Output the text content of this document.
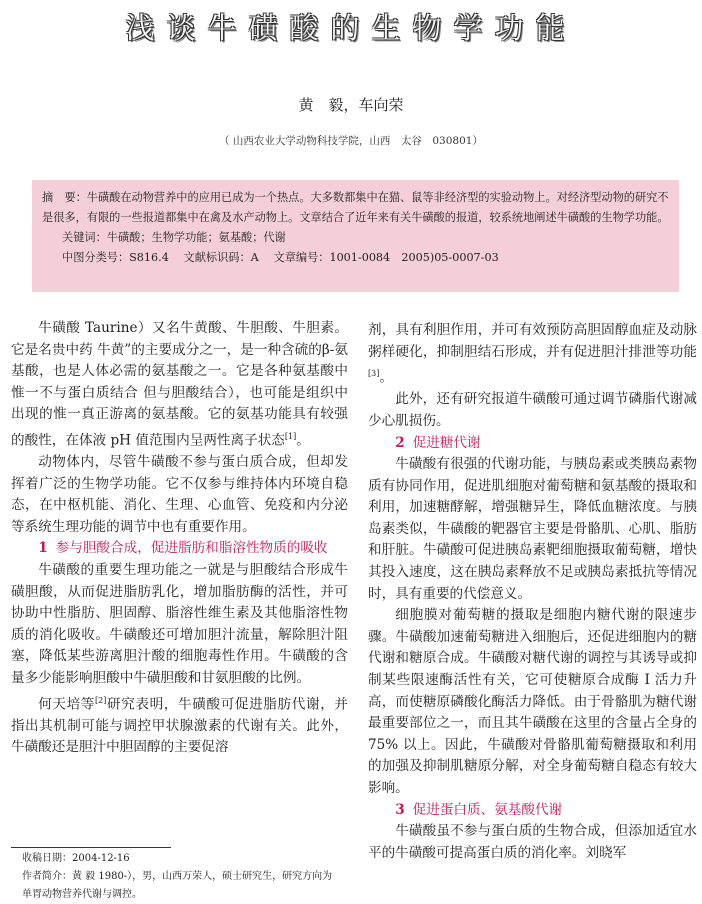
浅谈牛磺酸的生物学功能
黄　毅，车向荣
（ 山西农业大学动物科技学院，山西　太谷　030801）

摘　要：牛磺酸在动物营养中的应用已成为一个热点。大多数都集中在猫、鼠等非经济型的实验动物上。对经济型动物的研究不是很多，有限的一些报道都集中在禽及水产动物上。文章结合了近年来有关牛磺酸的报道，较系统地阐述牛磺酸的生物学功能。

关键词：牛磺酸；生物学功能；氨基酸；代谢

中图分类号：S816.4　 文献标识码：A　 文章编号：1001-0084　2005)05-0007-03

牛磺酸 Taurine）又名牛黄酸、牛胆酸、牛胆素。它是名贵中药 牛黄”的主要成分之一，是一种含硫的β-氨基酸，也是人体必需的氨基酸之一。它是各种氨基酸中惟一不与蛋白质结合 但与胆酸结合），也可能是组织中出现的惟一真正游离的氨基酸。它的氨基功能具有较强的酸性，在体液 pH 值范围内呈两性离子状态[1]。

动物体内，尽管牛磺酸不参与蛋白质合成，但却发挥着广泛的生物学功能。它不仅参与维持体内环境自稳态，在中枢机能、消化、生理、心血管、免疫和内分泌等系统生理功能的调节中也有重要作用。

1 参与胆酸合成，促进脂肪和脂溶性物质的吸收

牛磺酸的重要生理功能之一就是与胆酸结合形成牛磺胆酸，从而促进脂肪乳化，增加脂肪酶的活性，并可协助中性脂肪、胆固醇、脂溶性维生素及其他脂溶性物质的消化吸收。牛磺酸还可增加胆汁流量，解除胆汁阻塞，降低某些游离胆汁酸的细胞毒性作用。牛磺酸的含量多少能影响胆酸中牛磺胆酸和甘氨胆酸的比例。

何天培等[2]研究表明，牛磺酸可促进脂肪代谢，并指出其机制可能与调控甲状腺激素的代谢有关。此外，牛磺酸还是胆汁中胆固醇的主要促溶

收稿日期：2004-12-16

作者简介：黄 毅 1980-），男，山西万荣人，硕士研究生，研究方向为单胃动物营养代谢与调控。

剂，具有利胆作用，并可有效预防高胆固醇血症及动脉粥样硬化，抑制胆结石形成，并有促进胆汁排泄等功能[3]。

此外，还有研究报道牛磺酸可通过调节磷脂代谢减少心肌损伤。

2 促进糖代谢

牛磺酸有很强的代谢功能，与胰岛素或类胰岛素物质有协同作用，促进肌细胞对葡萄糖和氨基酸的摄取和利用，加速糖酵解，增强糖异生，降低血糖浓度。与胰岛素类似，牛磺酸的靶器官主要是骨骼肌、心肌、脂肪和肝脏。牛磺酸可促进胰岛素靶细胞摄取葡萄糖，增快其投入速度，这在胰岛素释放不足或胰岛素抵抗等情况时，具有重要的代偿意义。

细胞膜对葡萄糖的摄取是细胞内糖代谢的限速步骤。牛磺酸加速葡萄糖进入细胞后，还促进细胞内的糖代谢和糖原合成。牛磺酸对糖代谢的调控与其诱导或抑制某些限速酶活性有关，它可使糖原合成酶 I 活力升高，而使糖原磷酸化酶活力降低。由于骨骼肌为糖代谢最重要部位之一，而且其牛磺酸在这里的含量占全身的 75% 以上。因此，牛磺酸对骨骼肌葡萄糖摄取和利用的加强及抑制肌糖原分解，对全身葡萄糖自稳态有较大影响。

3 促进蛋白质、氨基酸代谢

牛磺酸虽不参与蛋白质的生物合成，但添加适宜水平的牛磺酸可提高蛋白质的消化率。刘晓军
